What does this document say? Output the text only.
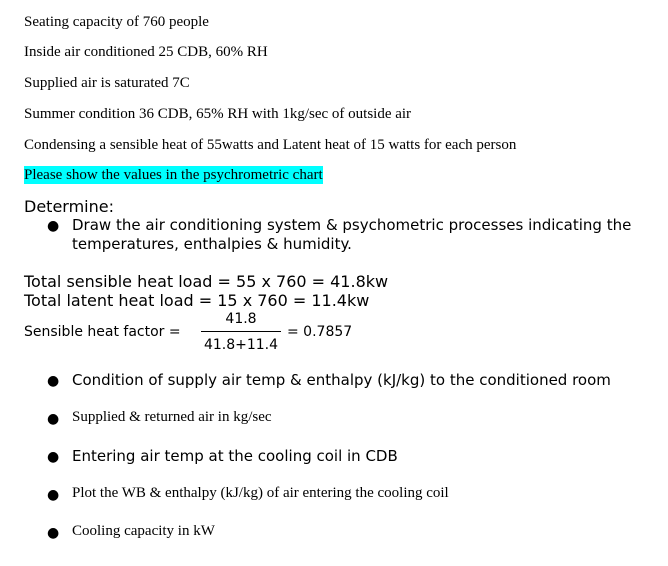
Seating capacity of 760 people
Inside air conditioned 25 CDB, 60% RH
Supplied air is saturated 7C
Summer condition 36 CDB, 65% RH with 1kg/sec of outside air
Condensing a sensible heat of 55watts and Latent heat of 15 watts for each person
Please show the values in the psychrometric chart
Determine:
● Draw the air conditioning system & psychometric processes indicating the
temperatures, enthalpies & humidity.
Total sensible heat load = 55 x 760 = 41.8kw
Total latent heat load = 15 x 760 = 11.4kw
Sensible heat factor =
41.8
41.8+11.4
= 0.7857
● Condition of supply air temp & enthalpy (kJ/kg) to the conditioned room
● Supplied & returned air in kg/sec
● Entering air temp at the cooling coil in CDB
● Plot the WB & enthalpy (kJ/kg) of air entering the cooling coil
● Cooling capacity in kW
